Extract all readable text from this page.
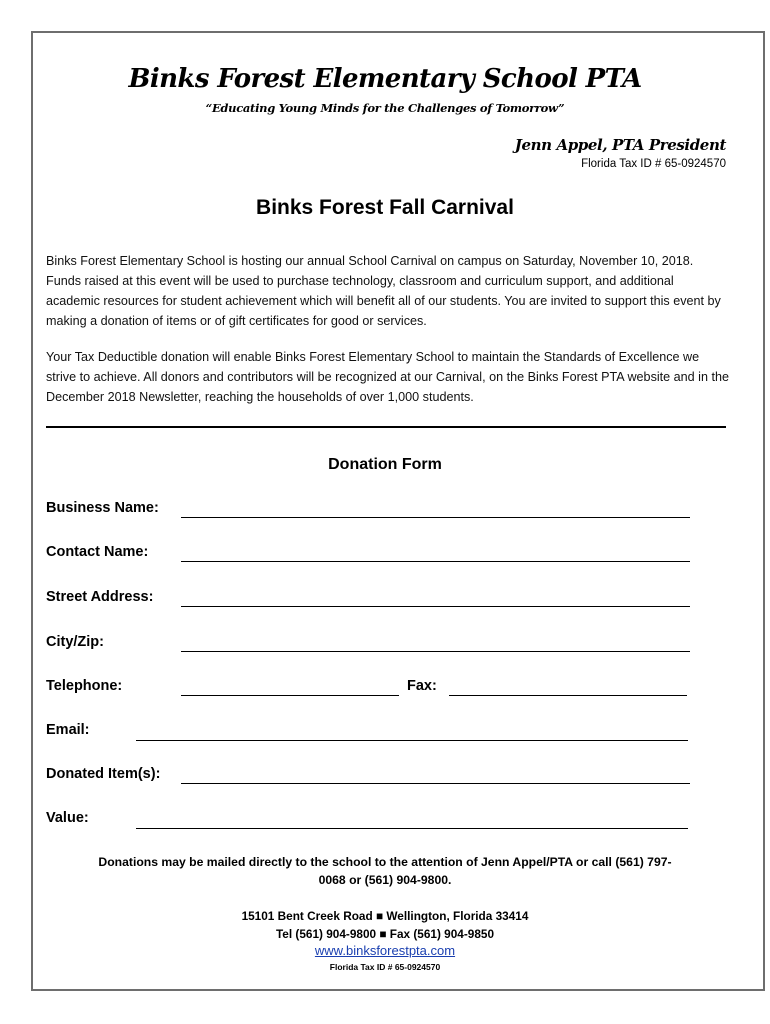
Binks Forest Elementary School PTA
“Educating Young Minds for the Challenges of Tomorrow”
Jenn Appel, PTA President
Florida Tax ID # 65-0924570
Binks Forest Fall Carnival
Binks Forest Elementary School is hosting our annual School Carnival on campus on Saturday, November 10, 2018. Funds raised at this event will be used to purchase technology, classroom and curriculum support, and additional academic resources for student achievement which will benefit all of our students. You are invited to support this event by making a donation of items or of gift certificates for good or services.
Your Tax Deductible donation will enable Binks Forest Elementary School to maintain the Standards of Excellence we strive to achieve. All donors and contributors will be recognized at our Carnival, on the Binks Forest PTA website and in the December 2018 Newsletter, reaching the households of over 1,000 students.
Donation Form
Business Name:
Contact Name:
Street Address:
City/Zip:
Telephone:	Fax:
Email:
Donated Item(s):
Value:
Donations may be mailed directly to the school to the attention of Jenn Appel/PTA or call (561) 797-0068 or (561) 904-9800.
15101 Bent Creek Road ■ Wellington, Florida 33414
Tel (561) 904-9800 ■ Fax (561) 904-9850
www.binksforestpta.com
Florida Tax ID # 65-0924570
